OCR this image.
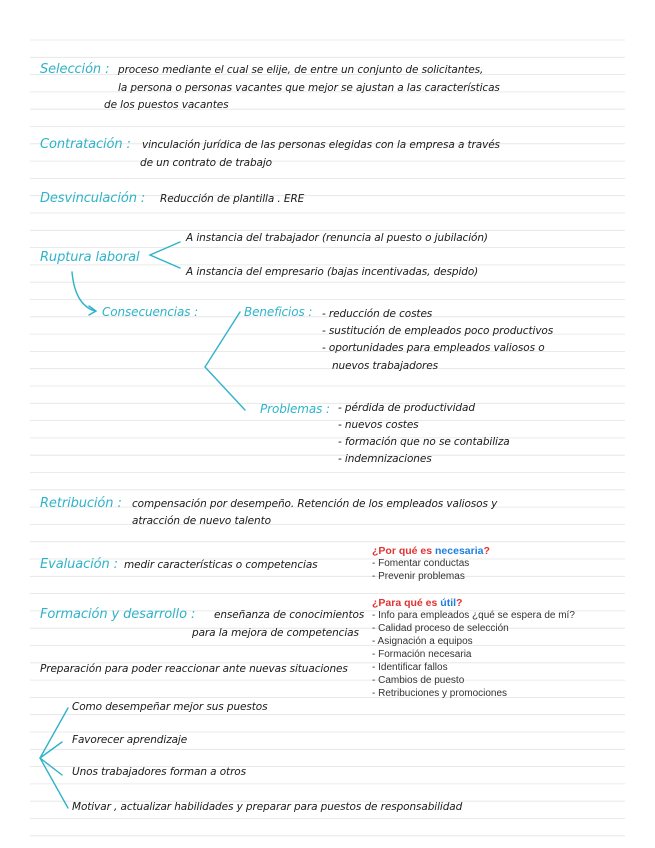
Selección : proceso mediante el cual se elije, de entre un conjunto de solicitantes,
la persona o personas vacantes que mejor se ajustan a las características
de los puestos vacantes
Contratación : vinculación jurídica de las personas elegidas con la empresa a través
de un contrato de trabajo
Desvinculación : Reducción de plantilla . ERE
Ruptura laboral
A instancia del trabajador (renuncia al puesto o jubilación)
A instancia del empresario (bajas incentivadas, despido)
Consecuencias :	Beneficios : - reducción de costes
- sustitución de empleados poco productivos
- oportunidades para empleados valiosos o
nuevos trabajadores
Problemas : - pérdida de productividad
- nuevos costes
- formación que no se contabiliza
- indemnizaciones
Retribución : compensación por desempeño. Retención de los empleados valiosos y
atracción de nuevo talento
Evaluación : medir características o competencias
¿Por qué es necesaria?
- Fomentar conductas
- Prevenir problemas
Formación y desarrollo : enseñanza de conocimientos
para la mejora de competencias
Preparación para poder reaccionar ante nuevas situaciones
¿Para qué es útil?
- Info para empleados ¿qué se espera de mí?
- Calidad proceso de selección
- Asignación a equipos
- Formación necesaria
- Identificar fallos
- Cambios de puesto
- Retribuciones y promociones
Como desempeñar mejor sus puestos
Favorecer aprendizaje
Unos trabajadores forman a otros
Motivar , actualizar habilidades y preparar para puestos de responsabilidad
